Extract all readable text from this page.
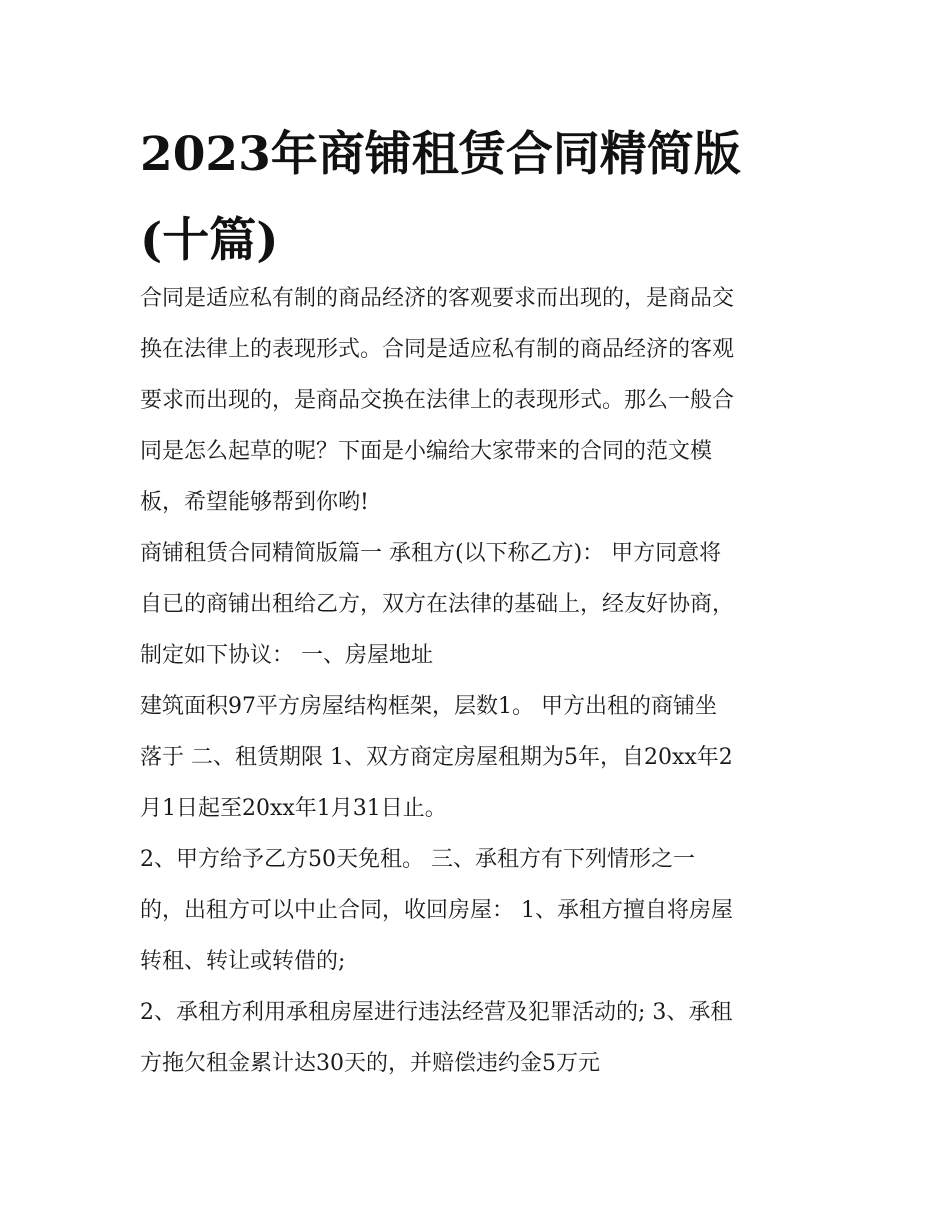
2023年商铺租赁合同精简版
(十篇)

合同是适应私有制的商品经济的客观要求而出现的，是商品交
换在法律上的表现形式。合同是适应私有制的商品经济的客观
要求而出现的，是商品交换在法律上的表现形式。那么一般合
同是怎么起草的呢？下面是小编给大家带来的合同的范文模
板，希望能够帮到你哟!

商铺租赁合同精简版篇一 承租方(以下称乙方)： 甲方同意将
自已的商铺出租给乙方，双方在法律的基础上，经友好协商，
制定如下协议： 一、房屋地址

建筑面积97平方房屋结构框架，层数1。 甲方出租的商铺坐
落于 二、租赁期限 1、双方商定房屋租期为5年，自20xx年2
月1日起至20xx年1月31日止。

2、甲方给予乙方50天免租。 三、承租方有下列情形之一
的，出租方可以中止合同，收回房屋： 1、承租方擅自将房屋
转租、转让或转借的;

2、承租方利用承租房屋进行违法经营及犯罪活动的; 3、承租
方拖欠租金累计达30天的，并赔偿违约金5万元
